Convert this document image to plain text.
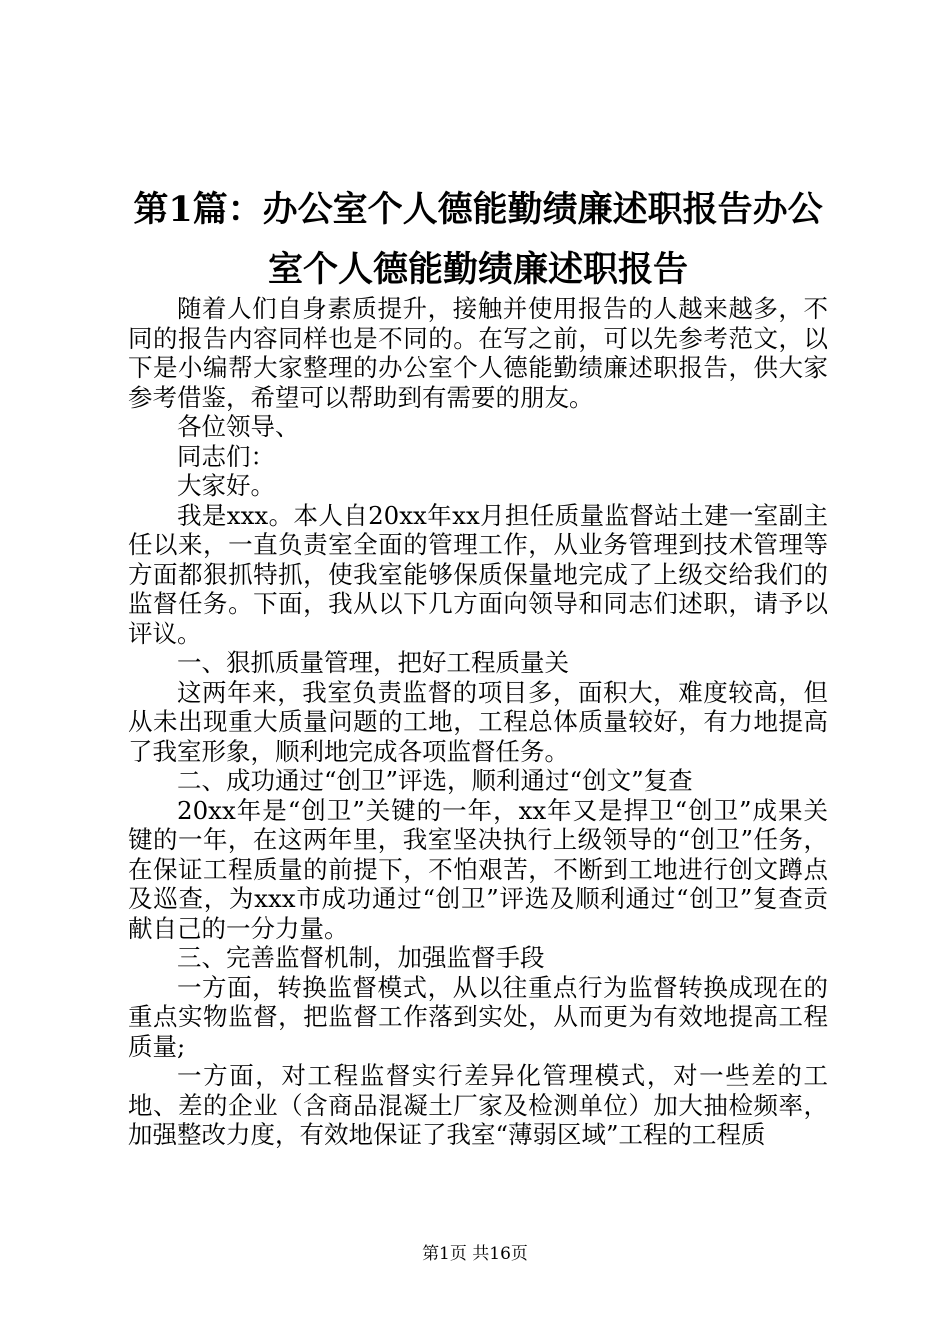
第1篇：办公室个人德能勤绩廉述职报告办公
室个人德能勤绩廉述职报告

随着人们自身素质提升，接触并使用报告的人越来越多，不同的报告内容同样也是不同的。在写之前，可以先参考范文，以下是小编帮大家整理的办公室个人德能勤绩廉述职报告，供大家参考借鉴，希望可以帮助到有需要的朋友。

各位领导、

同志们：

大家好。

我是xxx。本人自20xx年xx月担任质量监督站土建一室副主任以来，一直负责室全面的管理工作，从业务管理到技术管理等方面都狠抓特抓，使我室能够保质保量地完成了上级交给我们的监督任务。下面，我从以下几方面向领导和同志们述职，请予以评议。

一、狠抓质量管理，把好工程质量关

这两年来，我室负责监督的项目多，面积大，难度较高，但从未出现重大质量问题的工地，工程总体质量较好，有力地提高了我室形象，顺利地完成各项监督任务。

二、成功通过“创卫”评选，顺利通过“创文”复查

20xx年是“创卫”关键的一年，xx年又是捍卫“创卫”成果关键的一年，在这两年里，我室坚决执行上级领导的“创卫”任务，在保证工程质量的前提下，不怕艰苦，不断到工地进行创文蹲点及巡查，为xxx市成功通过“创卫”评选及顺利通过“创卫”复查贡献自己的一分力量。

三、完善监督机制，加强监督手段

一方面，转换监督模式，从以往重点行为监督转换成现在的重点实物监督，把监督工作落到实处，从而更为有效地提高工程质量;

一方面，对工程监督实行差异化管理模式，对一些差的工地、差的企业（含商品混凝土厂家及检测单位）加大抽检频率，加强整改力度，有效地保证了我室“薄弱区域”工程的工程质

第1页 共16页
